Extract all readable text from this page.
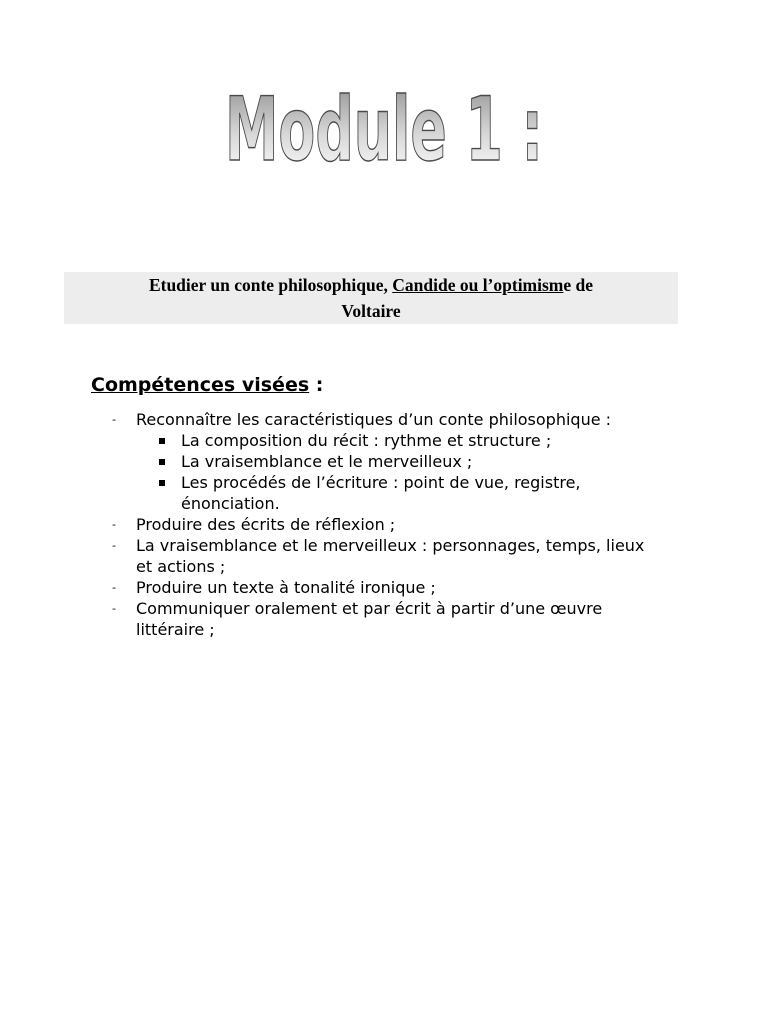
Module 1 :
Etudier un conte philosophique, Candide ou l’optimisme de
Voltaire
Compétences visées :
- Reconnaître les caractéristiques d’un conte philosophique :
La composition du récit : rythme et structure ;
La vraisemblance et le merveilleux ;
Les procédés de l’écriture : point de vue, registre, énonciation.
- Produire des écrits de réflexion ;
- La vraisemblance et le merveilleux : personnages, temps, lieux et actions ;
- Produire un texte à tonalité ironique ;
- Communiquer oralement et par écrit à partir d’une œuvre littéraire ;
